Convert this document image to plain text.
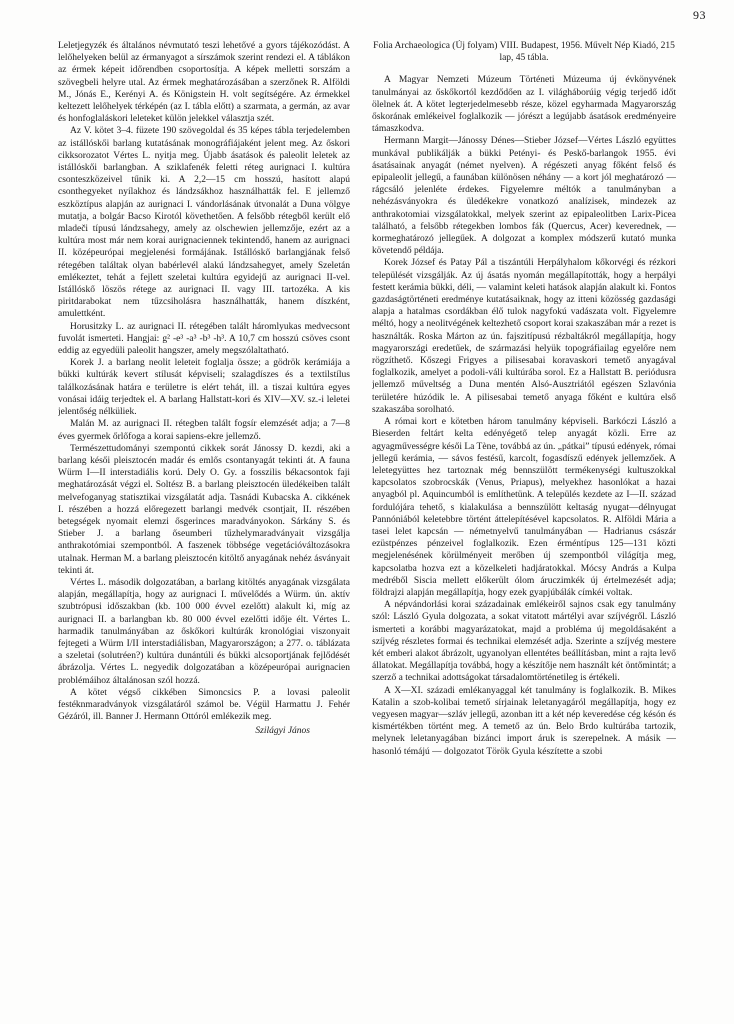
93

Leletjegyzék és általános névmutató teszi lehetővé a gyors tájékozódást. A lelőhelyeken belül az érmanyagot a sírszámok szerint rendezi el. A táblákon az érmek képeit időrendben csoportosítja. A képek melletti sorszám a szövegbeli helyre utal. Az érmek meghatározásában a szerzőnek R. Alföldi M., Jónás E., Kerényi A. és Königstein H. volt segítségére. Az érmekkel keltezett lelőhelyek térképén (az I. tábla előtt) a szarmata, a germán, az avar és honfoglaláskori leleteket külön jelekkel választja szét.

Az V. kötet 3–4. füzete 190 szövegoldal és 35 képes tábla terjedelemben az istállóskői barlang kutatásának monográfiájaként jelent meg. Az őskori cikksorozatot Vértes L. nyitja meg. Újabb ásatások és paleolit leletek az istállóskői barlangban. A sziklafenék feletti réteg aurignaci I. kultúra csonteszközeivel tűnik ki. A 2,2—15 cm hosszú, hasított alapú csonthegyeket nyílakhoz és lándzsákhoz használhatták fel. E jellemző eszköztípus alapján az aurignaci I. vándorlásának útvonalát a Duna völgye mutatja, a bolgár Bacso Kirotól követhetően. A felsőbb rétegből került elő mladeči típusú lándzsahegy, amely az olschewien jellemzője, ezért az a kultúra most már nem korai aurignaciennek tekintendő, hanem az aurignaci II. középeurópai megjelenési formájának. Istállóskő barlangjának felső rétegében találtak olyan babérlevél alakú lándzsahegyet, amely Szeletán emlékeztet, tehát a fejlett szeletai kultúra egyidejű az aurignaci II-vel. Istállóskő löszös rétege az aurignaci II. vagy III. tartozéka. A kis piritdarabokat nem tűzcsiholásra használhatták, hanem díszként, amulettként.

Horusitzky L. az aurignaci II. rétegében talált háromlyukas medvecsont fuvolát ismerteti. Hangjai: g² -e³ -a³ -b³ -h³. A 10,7 cm hosszú csöves csont eddig az egyedüli paleolit hangszer, amely megszólaltatható.

Korek J. a barlang neolit leleteit foglalja össze; a gödrök kerámiája a bükki kultúrák kevert stílusát képviseli; szalagdíszes és a textilstílus találkozásának határa e területre is elért tehát, ill. a tiszai kultúra egyes vonásai idáig terjedtek el. A barlang Hallstatt-kori és XIV—XV. sz.-i leletei jelentőség nélküliek.

Malán M. az aurignaci II. rétegben talált fogsír elemzését adja; a 7—8 éves gyermek őrlőfoga a korai sapiens-ekre jellemző.

Természettudományi szempontú cikkek sorát Jánossy D. kezdi, aki a barlang késői pleisztocén madár és emlős csontanyagát tekinti át. A fauna Würm I—II interstadiális korú. Dely O. Gy. a fosszilis békacsontok faji meghatározását végzi el. Soltész B. a barlang pleisztocén üledékeiben talált melvefoganyag statisztikai vizsgálatát adja. Tasnádi Kubacska A. cikkének I. részében a hozzá előregezett barlangi medvék csontjait, II. részében betegségek nyomait elemzi ősgerinces maradványokon. Sárkány S. és Stieber J. a barlang őseumberi tűzhelymaradványait vizsgálja anthrakotómiai szempontból. A faszenek többsége vegetációváltozásokra utalnak. Herman M. a barlang pleisztocén kitöltő anyagának nehéz ásványait tekinti át.

Vértes L. második dolgozatában, a barlang kitöltés anyagának vizsgálata alapján, megállapítja, hogy az aurignaci I. művelődés a Würm. ún. aktív szubtrópusi időszakban (kb. 100 000 évvel ezelőtt) alakult ki, míg az aurignaci II. a barlangban kb. 80 000 évvel ezelőtti idője élt. Vértes L. harmadik tanulmányában az őskőkori kultúrák kronológiai viszonyait fejtegeti a Würm I/II interstadiálisban, Magyarországon; a 277. o. táblázata a szeletai (solutréen?) kultúra dunántúli és bükki alcsoportjának fejlődését ábrázolja. Vértes L. negyedik dolgozatában a középeurópai aurignacien problémáihoz általánosan szól hozzá.

A kötet végső cikkében Simoncsics P. a lovasi paleolit festéknmaradványok vizsgálatáról számol be. Végül Harmattu J. Fehér Gézáról, ill. Banner J. Hermann Ottóról emlékezik meg.

Szilágyi János

Folia Archaeologica (Új folyam) VIII. Budapest, 1956. Művelt Nép Kiadó, 215 lap, 45 tábla.

A Magyar Nemzeti Múzeum Történeti Múzeuma új évkönyvének tanulmányai az őskőkortól kezdődően az I. világháborúig végig terjedő időt ölelnek át. A kötet legterjedelmesebb része, közel egyharmada Magyarország őskorának emlékeivel foglalkozik — jórészt a legújabb ásatások eredményeire támaszkodva.

Hermann Margit—Jánossy Dénes—Stieber József—Vértes László együttes munkával publikálják a bükki Petényi- és Peskő-barlangok 1955. évi ásatásainak anyagát (német nyelven). A régészeti anyag főként felső és epipaleolit jellegű, a faunában különösen néhány — a kort jól meghatározó — rágcsáló jelenléte érdekes. Figyelemre méltók a tanulmányban a nehézásványokra és üledékekre vonatkozó analízisek, mindezek az anthrakotomiai vizsgálatokkal, melyek szerint az epipaleolitben Larix-Picea található, a felsőbb rétegekben lombos fák (Quercus, Acer) keverednek, — kormeghatározó jellegűek. A dolgozat a komplex módszerű kutató munka követendő példája.

Korek József és Patay Pál a tiszántúli Herpályhalom kőkorvégi és rézkori települését vizsgálják. Az új ásatás nyomán megállapították, hogy a herpályi festett kerámia bükki, déli, — valamint keleti hatások alapján alakult ki. Fontos gazdaságtörténeti eredménye kutatásaiknak, hogy az itteni közösség gazdasági alapja a hatalmas csordákban élő tulok nagyfokú vadászata volt. Figyelemre méltó, hogy a neolitvégének keltezhető csoport korai szakaszában már a rezet is használták. Roska Márton az ún. fajszitípusú rézbaltákról megállapítja, hogy magyarországi eredetűek, de származási helyük topográfiailag egyelőre nem rögzíthető. Kőszegi Frigyes a pilisesabai koravaskori temető anyagával foglalkozik, amelyet a podoli-váli kultúrába sorol. Ez a Hallstatt B. periódusra jellemző műveltség a Duna mentén Alsó-Ausztriától egészen Szlavónia területére húzódik le. A pilisesabai temető anyaga főként e kultúra első szakaszába sorolható.

A római kort e kötetben három tanulmány képviseli. Barkóczi László a Bieserden feltárt kelta edényégető telep anyagát közli. Erre az agyagművességre késői La Tène, továbbá az ún. „pátkai” típusú edények, római jellegű kerámia, — sávos festésű, karcolt, fogasdíszű edények jellemzőek. A leletegyüttes hez tartoznak még bennszülött termékenységi kultuszokkal kapcsolatos szobrocskák (Venus, Priapus), melyekhez hasonlókat a hazai anyagból pl. Aquincumból is említhetünk. A település kezdete az I—II. század fordulójára tehető, s kialakulása a bennszülött keltaság nyugat—délnyugat Pannóniából keletebbre történt áttelepítésével kapcsolatos. R. Alföldi Mária a tasei lelet kapcsán — németnyelvű tanulmányában — Hadrianus császár ezüstpénzes pénzeivel foglalkozik. Ezen érméntípus 125—131 közti megjelenésének körülményeit merőben új szempontból világítja meg, kapcsolatba hozva ezt a közelkeleti hadjáratokkal. Mócsy András a Kulpa medréből Siscia mellett előkerült ólom áruczimkék új értelmezését adja; földrajzi alapján megállapítja, hogy ezek gyapjúbálák címkéi voltak.

A népvándorlási korai századainak emlékeiről sajnos csak egy tanulmány szól: László Gyula dolgozata, a sokat vitatott mártélyi avar szíjvégről. László ismerteti a korábbi magyarázatokat, majd a probléma új megoldásaként a szíjvég részletes formai és technikai elemzését adja. Szerinte a szíjvég mestere két emberi alakot ábrázolt, ugyanolyan ellentétes beállításban, mint a rajta levő állatokat. Megállapítja továbbá, hogy a készítője nem használt két öntőmintát; a szerző a technikai adottságokat társadalomtörténetileg is értékeli.

A X—XI. századi emlékanyaggal két tanulmány is foglalkozik. B. Mikes Katalin a szob-kolibai temető sírjainak leletanyagáról megállapítja, hogy ez vegyesen magyar—szláv jellegű, azonban itt a két nép keveredése cég késón és kismértékben történt meg. A temető az ún. Belo Brdo kultúrába tartozik, melynek leletanyagában bizánci import áruk is szerepelnek. A másik — hasonló témájú — dolgozatot Török Gyula készítette a szobi
